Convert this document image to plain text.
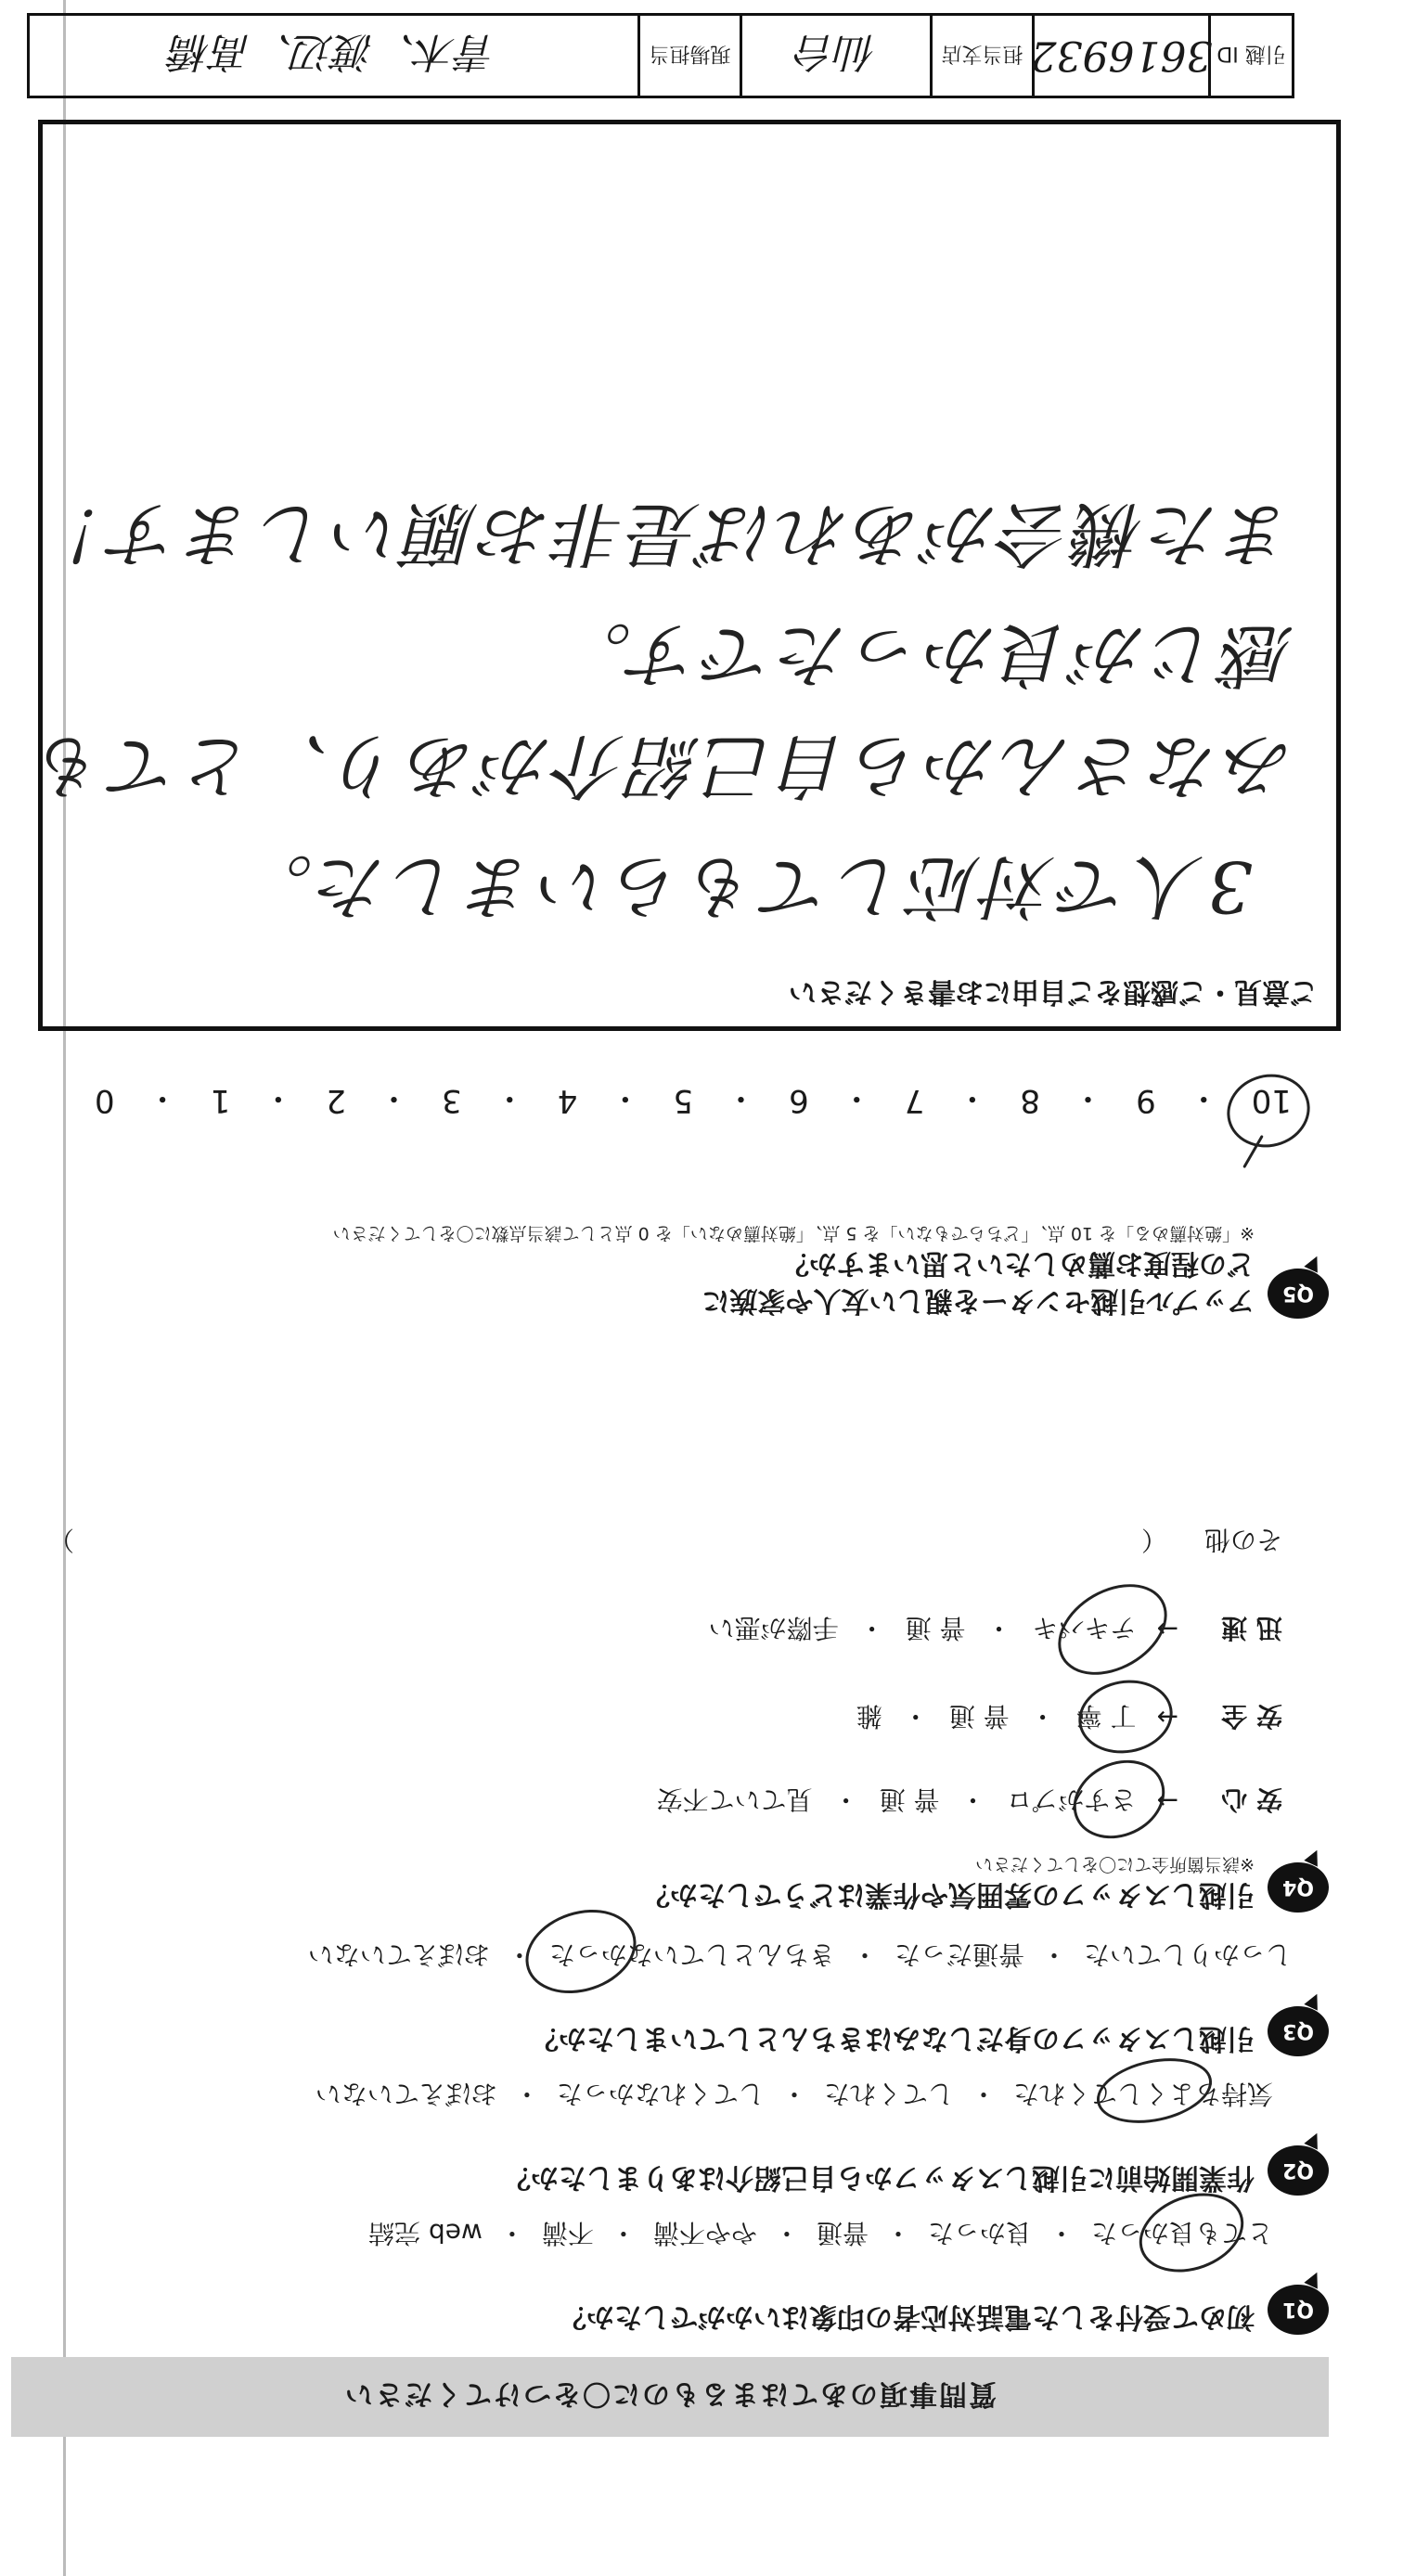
質問事項のあてはまるものに〇をつけてください
Q1
初めて受付をした電話対応者の印象はいかがでしたか？
とても良かった
・
良かった
・
普通
・
やや不満
・
不満
・
web 完結
Q2
作業開始前に引越しスタッフから自己紹介はありましたか？
気持ちよくしてくれた
・
してくれた
・
してくれなかった
・
おぼえていない
Q3
引越しスタッフの身だしなみはきちんとしていましたか？
しっかりしていた
・
普通だった
・
きちんとしていなかった
・
おぼえていない
Q4
引越しスタッフの雰囲気や作業はどうでしたか？
※該当箇所全てに〇をしてください
安 心
→
さすがプロ
・
普 通
・
見ていて不安
安 全
→
丁 寧
・
普 通
・
雑
迅 速
→
テキパキ
・
普 通
・
手際が悪い
その他
（
）
Q5
アップル引越センターを親しい友人や家族に
どの程度お薦めしたいと思いますか？
※「絶対薦める」を 10 点、「どちらでもない」を 5 点、「絶対薦めない」を 0 点として該当点数に〇をしてください
10
・
9
・
8
・
7
・
6
・
5
・
4
・
3
・
2
・
1
・
0
ご意見・ご感想をご自由にお書きください
3人で対応してもらいました。
みなさんから自己紹介があり、とても
感じが良かったです。
また機会があれば是非お願いします！
引越 ID
3616932
担当支店
仙台
現場担当
青木、渡辺、髙橋
